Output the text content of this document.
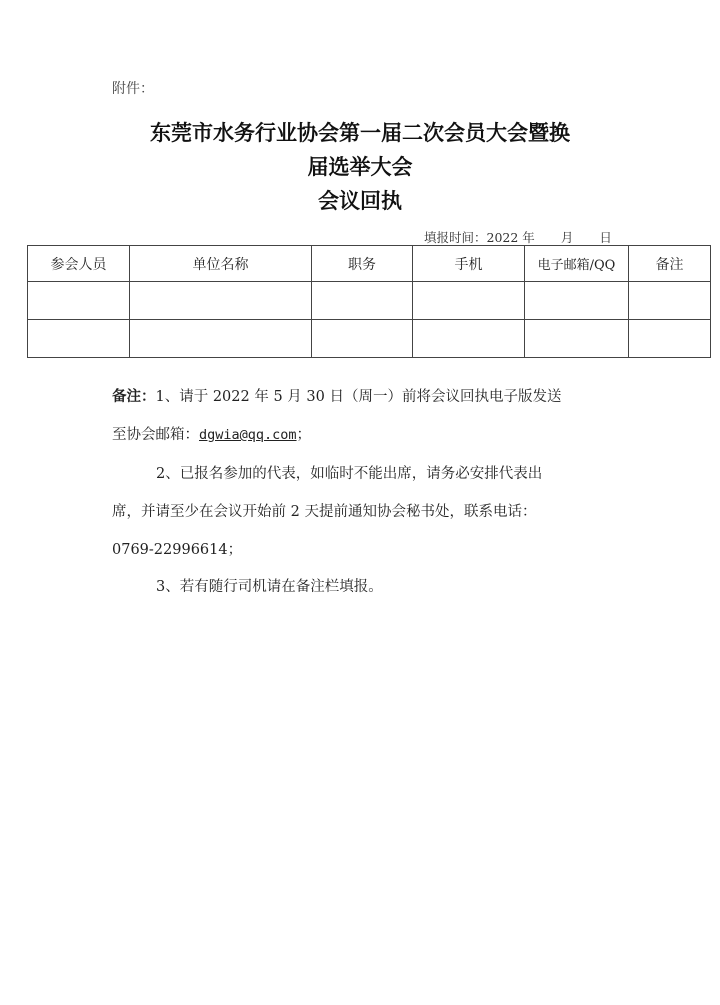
附件：
东莞市水务行业协会第一届二次会员大会暨换
届选举大会
会议回执
填报时间：2022 年 月 日
参会人员	单位名称	职务	手机	电子邮箱/QQ	备注

备注：1、请于 2022 年 5 月 30 日（周一）前将会议回执电子版发送
至协会邮箱：dgwia@qq.com；
2、已报名参加的代表，如临时不能出席，请务必安排代表出
席，并请至少在会议开始前 2 天提前通知协会秘书处，联系电话：
0769-22996614；
3、若有随行司机请在备注栏填报。
